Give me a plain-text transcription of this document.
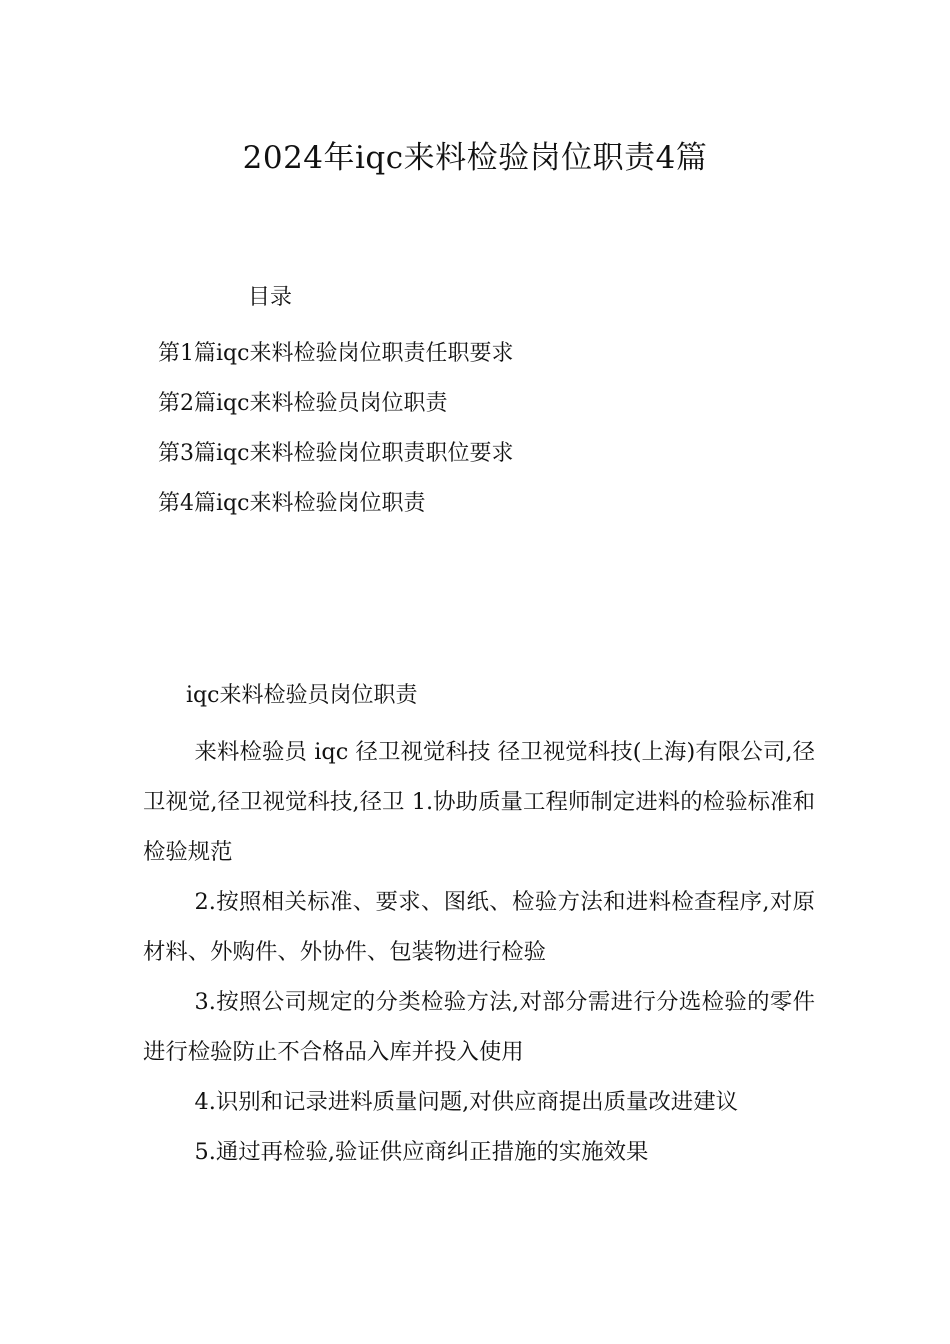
2024年iqc来料检验岗位职责4篇
目录
第1篇iqc来料检验岗位职责任职要求
第2篇iqc来料检验员岗位职责
第3篇iqc来料检验岗位职责职位要求
第4篇iqc来料检验岗位职责
iqc来料检验员岗位职责

来料检验员 iqc 径卫视觉科技 径卫视觉科技(上海)有限公司,径卫视觉,径卫视觉科技,径卫 1.协助质量工程师制定进料的检验标准和检验规范

2.按照相关标准、要求、图纸、检验方法和进料检查程序,对原材料、外购件、外协件、包装物进行检验

3.按照公司规定的分类检验方法,对部分需进行分选检验的零件进行检验防止不合格品入库并投入使用

4.识别和记录进料质量问题,对供应商提出质量改进建议

5.通过再检验,验证供应商纠正措施的实施效果
